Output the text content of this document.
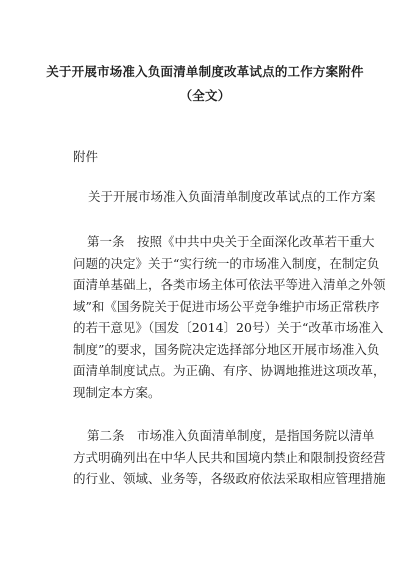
关于开展市场准入负面清单制度改革试点的工作方案附件
（全文）
附件
关于开展市场准入负面清单制度改革试点的工作方案
第一条　按照《中共中央关于全面深化改革若干重大
问题的决定》关于“实行统一的市场准入制度，在制定负
面清单基础上，各类市场主体可依法平等进入清单之外领
域”和《国务院关于促进市场公平竞争维护市场正常秩序
的若干意见》（国发〔2014〕20号）关于“改革市场准入
制度”的要求，国务院决定选择部分地区开展市场准入负
面清单制度试点。为正确、有序、协调地推进这项改革，
现制定本方案。
第二条　市场准入负面清单制度，是指国务院以清单
方式明确列出在中华人民共和国境内禁止和限制投资经营
的行业、领域、业务等，各级政府依法采取相应管理措施
